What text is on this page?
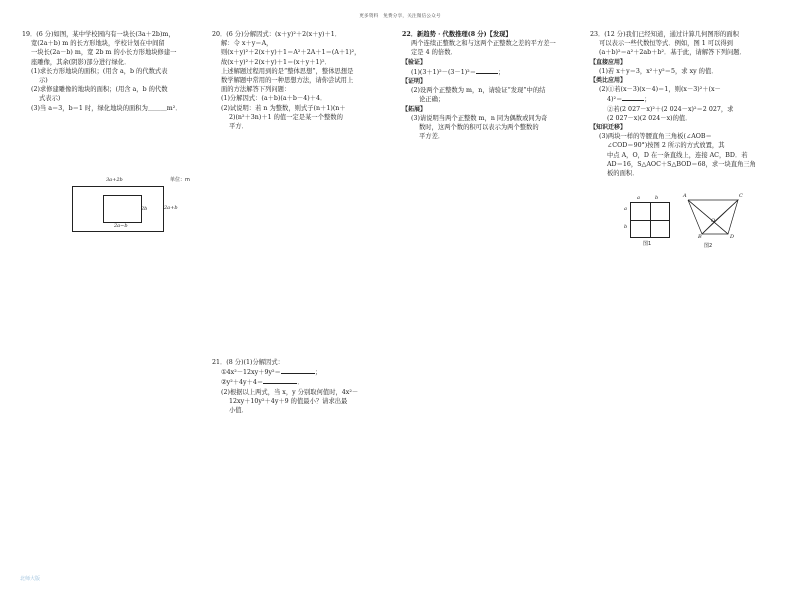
更多资料　免费分享，关注微信公众号

19．(6 分)如图，某中学校园内有一块长(3a＋2b)m，

宽(2a＋b) m 的长方形地块，学校计划在中间留

一块长(2a－b) m，宽 2b m 的小长方形地块修建一

座雕像，其余(阴影)部分进行绿化．

(1)求长方形地块的面积；(用含 a，b 的代数式表

示)

(2)求修建雕像的地块的面积；(用含 a，b 的代数

式表示)

(3)当 a＝3，b＝1 时，绿化地块的面积为＿＿＿m²．

单位：m
3a+2b
2a+b
2b
2a−b

20．(6 分)分解因式：(x＋y)²＋2(x＋y)＋1．

解：令 x＋y＝A，

则(x＋y)²＋2(x＋y)＋1＝A²＋2A＋1＝(A＋1)²，

故(x＋y)²＋2(x＋y)＋1＝(x＋y＋1)²．

上述解题过程用到的是“整体思想”，整体思想是

数学解题中常用的一种思想方法，请你尝试用上

面的方法解答下列问题：

(1)分解因式：(a＋b)(a＋b－4)＋4．

(2)试说明：若 n 为整数，则式子(n＋1)(n＋

2)(n²＋3n)＋1 的值一定是某一个整数的

平方．

21．(8 分)(1)分解因式：

①4x²－12xy＋9y²＝	；

②y²＋4y＋4＝	．

(2)根据以上两式，当 x，y 分别取何值时，4x²－

12xy＋10y²＋4y＋9 的值最小？请求出最

小值．

22．新趋势 · 代数推理(8 分)【发现】

两个连续正整数之和与这两个正整数之差的平方差一

定是 4 的倍数．

【验证】

(1)(3＋1)²－(3－1)²＝	；

【证明】

(2)设两个正整数为 m，n，请验证“发现”中的结

论正确；

【拓展】

(3)请说明当两个正整数 m，n 同为偶数或同为奇

数时，这两个数的积可以表示为两个整数的

平方差．

23．(12 分)我们已经知道，通过计算几何图形的面积

可以表示一些代数恒等式．例如，图 1 可以得到

(a＋b)²＝a²＋2ab＋b²．基于此，请解答下列问题．

【直接应用】

(1)若 x＋y＝3，x²＋y²＝5，求 xy 的值．

【类比应用】

(2)①若(x－3)(x－4)＝1，则(x－3)²＋(x－

4)²＝	；

②若(2 027－x)²＋(2 024－x)²＝2 027，求

(2 027－x)(2 024－x)的值．

【知识迁移】

(3)两块一样的等腰直角三角板(∠AOB＝

∠COD＝90°)按图 2 所示的方式放置，其

中点 A，O，D 在一条直线上，连接 AC，BD．若

AD＝16，S△AOC＋S△BOD＝68，求一块直角三角

板的面积．

a	b
a
b
图1
A	C
B	D
O
图2
北师大版
